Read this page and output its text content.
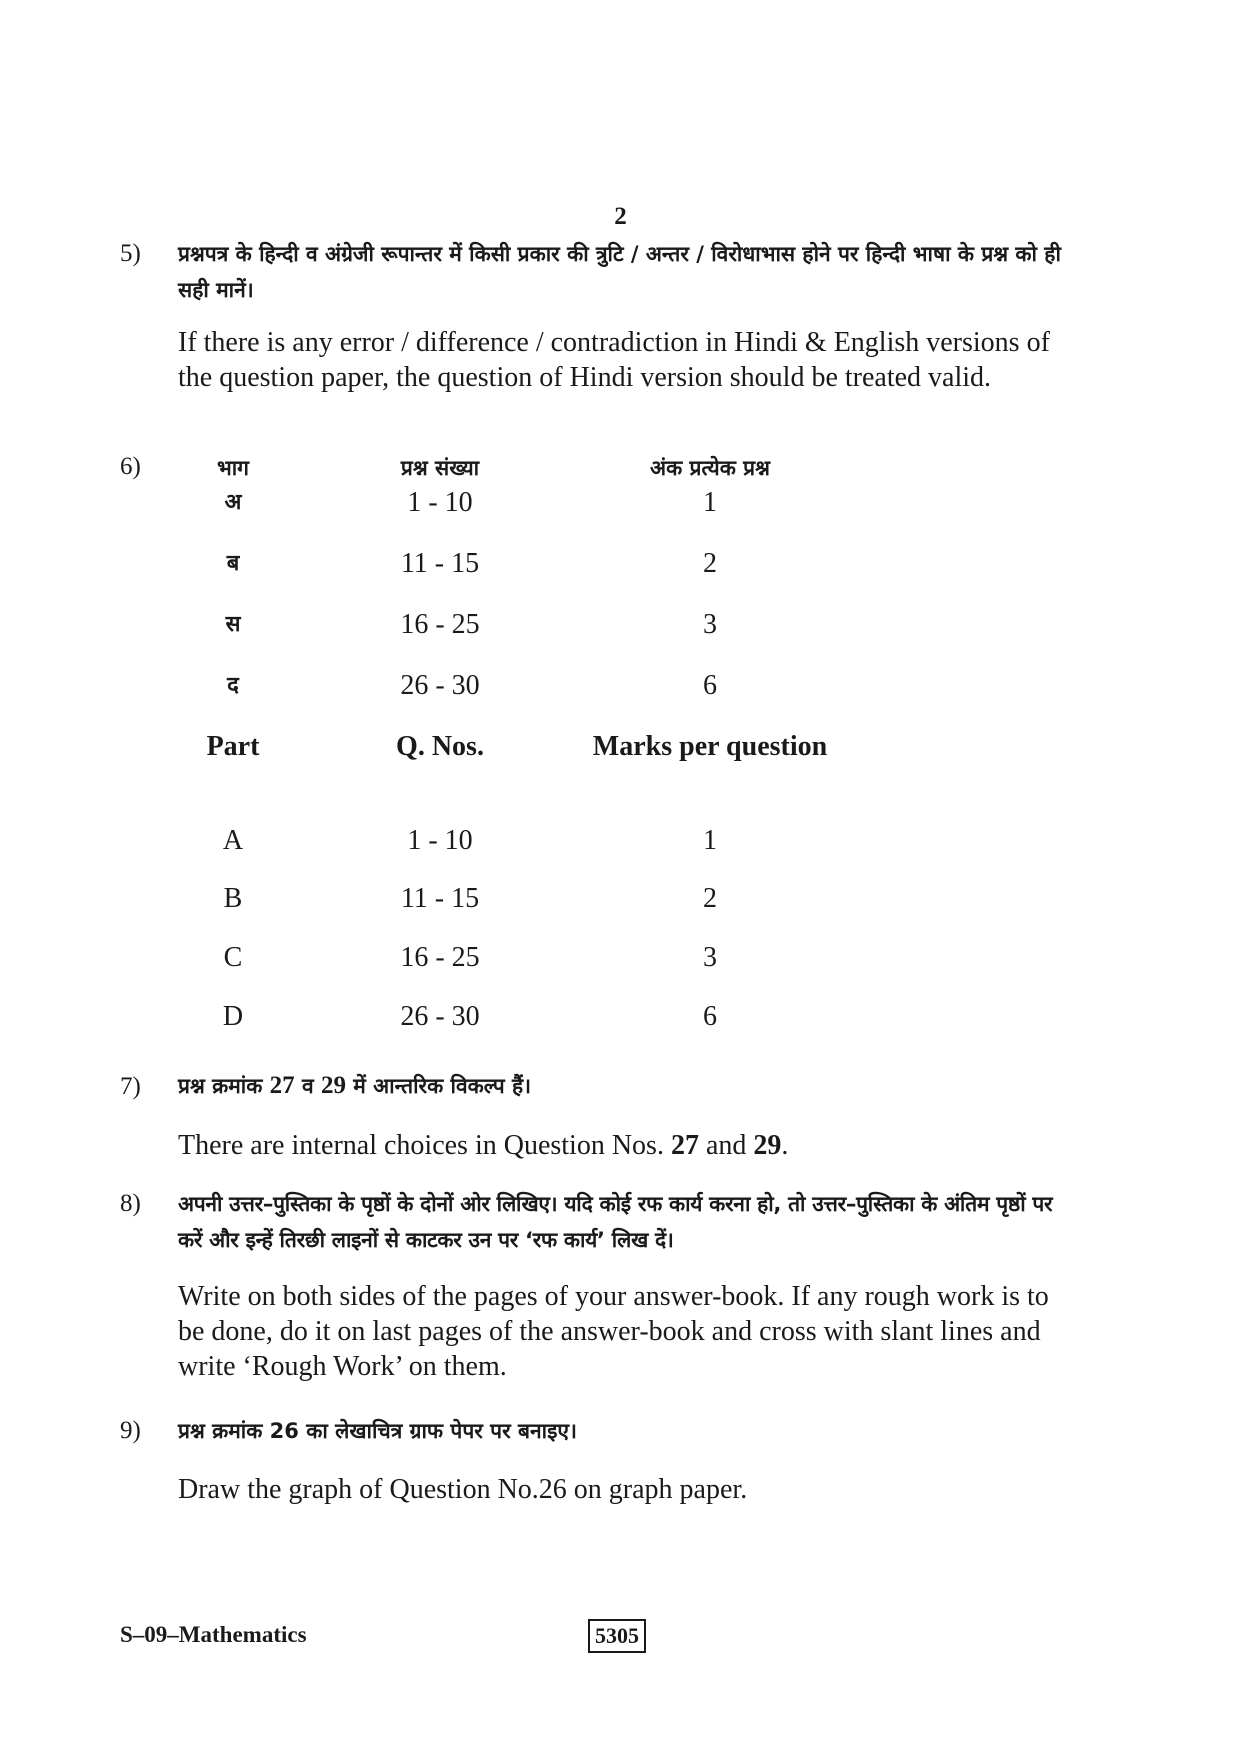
2
5) प्रश्नपत्र के हिन्दी व अंग्रेजी रूपान्तर में किसी प्रकार की त्रुटि / अन्तर / विरोधाभास होने पर हिन्दी भाषा के प्रश्न को ही सही मानें।
If there is any error / difference / contradiction in Hindi & English versions of the question paper, the question of Hindi version should be treated valid.
6)	भाग	प्रश्न संख्या	अंक प्रत्येक प्रश्न
अ	1 - 10	1
ब	11 - 15	2
स	16 - 25	3
द	26 - 30	6
Part	Q. Nos.	Marks per question
A	1 - 10	1
B	11 - 15	2
C	16 - 25	3
D	26 - 30	6
7) प्रश्न क्रमांक 27 व 29 में आन्तरिक विकल्प हैं।
There are internal choices in Question Nos. 27 and 29.
8) अपनी उत्तर–पुस्तिका के पृष्ठों के दोनों ओर लिखिए। यदि कोई रफ कार्य करना हो, तो उत्तर–पुस्तिका के अंतिम पृष्ठों पर करें और इन्हें तिरछी लाइनों से काटकर उन पर ‘रफ कार्य’ लिख दें।
Write on both sides of the pages of your answer-book. If any rough work is to be done, do it on last pages of the answer-book and cross with slant lines and write ‘Rough Work’ on them.
9) प्रश्न क्रमांक 26 का लेखाचित्र ग्राफ पेपर पर बनाइए।
Draw the graph of Question No.26 on graph paper.
S–09–Mathematics	5305
